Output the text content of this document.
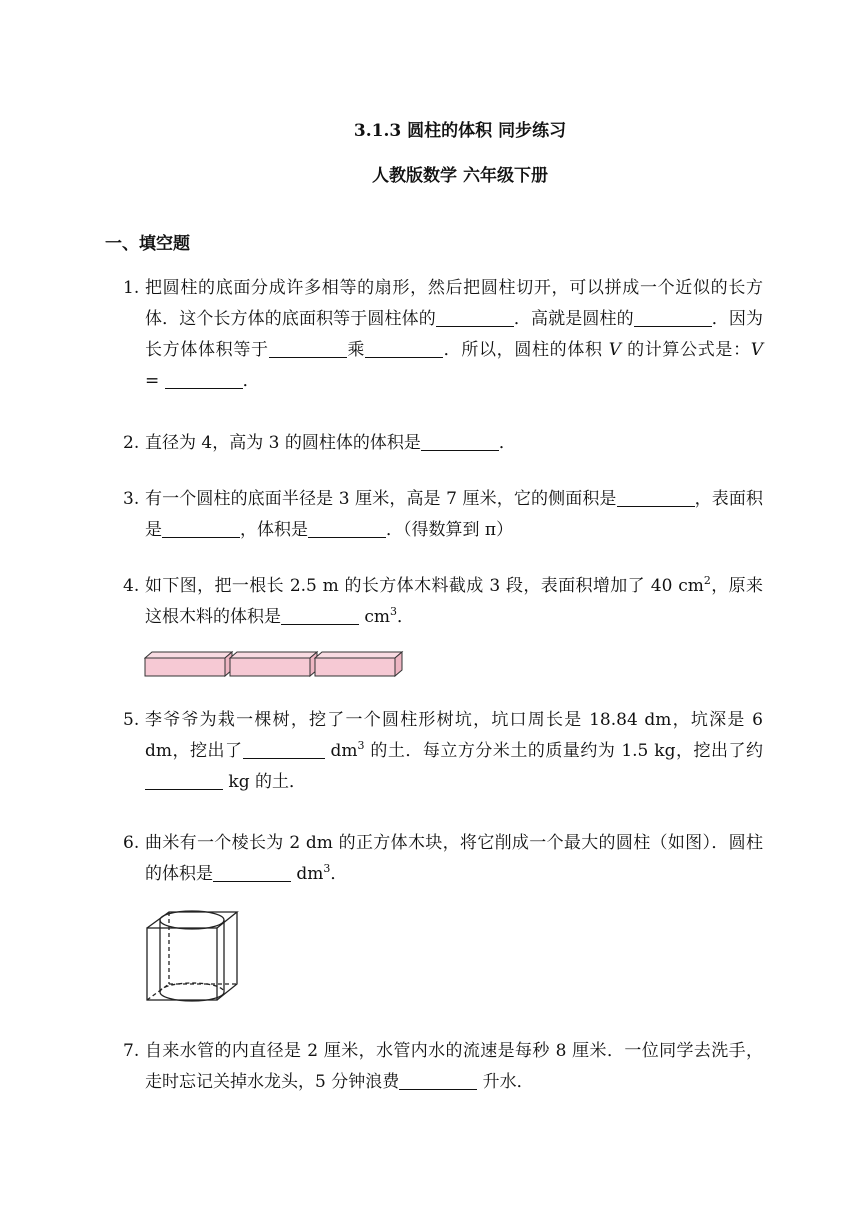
3.1.3 圆柱的体积 同步练习
人教版数学 六年级下册
一、填空题
1. 把圆柱的底面分成许多相等的扇形，然后把圆柱切开，可以拼成一个近似的长方体．这个长方体的底面积等于圆柱体的	．高就是圆柱的	．因为长方体体积等于	乘	．所以，圆柱的体积 V 的计算公式是：V =	．
2. 直径为 4，高为 3 的圆柱体的体积是	．
3. 有一个圆柱的底面半径是 3 厘米，高是 7 厘米，它的侧面积是	，表面积是	，体积是	．（得数算到 π）
4. 如下图，把一根长 2.5 m 的长方体木料截成 3 段，表面积增加了 40 $cm^2$，原来这根木料的体积是	$cm^3$．
5. 李爷爷为栽一棵树，挖了一个圆柱形树坑，坑口周长是 18.84 dm，坑深是 6 dm，挖出了	$dm^3$ 的土．每立方分米土的质量约为 1.5 kg，挖出了约 kg 的土．
6. 曲米有一个棱长为 2 dm 的正方体木块，将它削成一个最大的圆柱（如图）．圆柱的体积是	$dm^3$．
7. 自来水管的内直径是 2 厘米，水管内水的流速是每秒 8 厘米．一位同学去洗手，走时忘记关掉水龙头，5 分钟浪费	升水．
